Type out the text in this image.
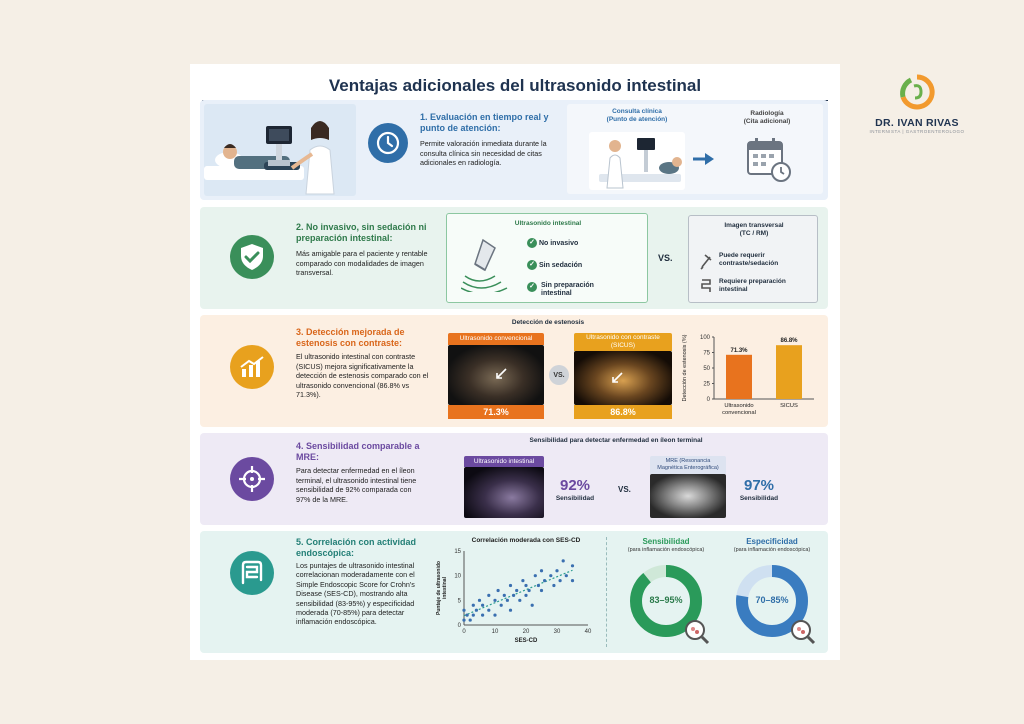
Ventajas adicionales del ultrasonido intestinal
1. Evaluación en tiempo real y punto de atención:
Permite valoración inmediata durante la consulta clínica sin necesidad de citas adicionales en radiología.
Consulta clínica
(Punto de atención)
Radiología
(Cita adicional)
2. No invasivo, sin sedación ni preparación intestinal:
Más amigable para el paciente y rentable comparado con modalidades de imagen transversal.
Ultrasonido intestinal
✓ No invasivo
✓ Sin sedación
✓ Sin preparación
intestinal
VS.
Imagen transversal
(TC / RM)
Puede requerir
contraste/sedación
Requiere preparación
intestinal
3. Detección mejorada de estenosis con contraste:
El ultrasonido intestinal con contraste (SICUS) mejora significativamente la detección de estenosis comparado con el ultrasonido convencional (86.8% vs 71.3%).
Detección de estenosis
Ultrasonido convencional
71.3%
VS.
Ultrasonido con contraste
(SICUS)
86.8%
Detección de estenosis (%)	0
25
50
75
100
71.3%
Ultrasonido
convencional
86.8%
SICUS
4. Sensibilidad comparable a MRE:
Para detectar enfermedad en el íleon terminal, el ultrasonido intestinal tiene sensibilidad de 92% comparada con 97% de la MRE.
Sensibilidad para detectar enfermedad en íleon terminal
Ultrasonido intestinal
92%
Sensibilidad
VS.
MRE (Resonancia
Magnética Enterográfica)
97%
Sensibilidad
5. Correlación con actividad endoscópica:
Los puntajes de ultrasonido intestinal correlacionan moderadamente con el Simple Endoscopic Score for Crohn's Disease (SES-CD), mostrando alta sensibilidad (83-95%) y especificidad moderada (70-85%) para detectar inflamación endoscópica.
Correlación moderada con SES-CD
Puntaje de ultrasonido intestinal
0
5
10
15
0	10	20	30	40
SES-CD
Sensibilidad
(para inflamación endoscópica)
83–95%
Especificidad
(para inflamación endoscópica)
70–85%
DR. IVAN RIVAS
INTERNISTA | GASTROENTEROLOGO
